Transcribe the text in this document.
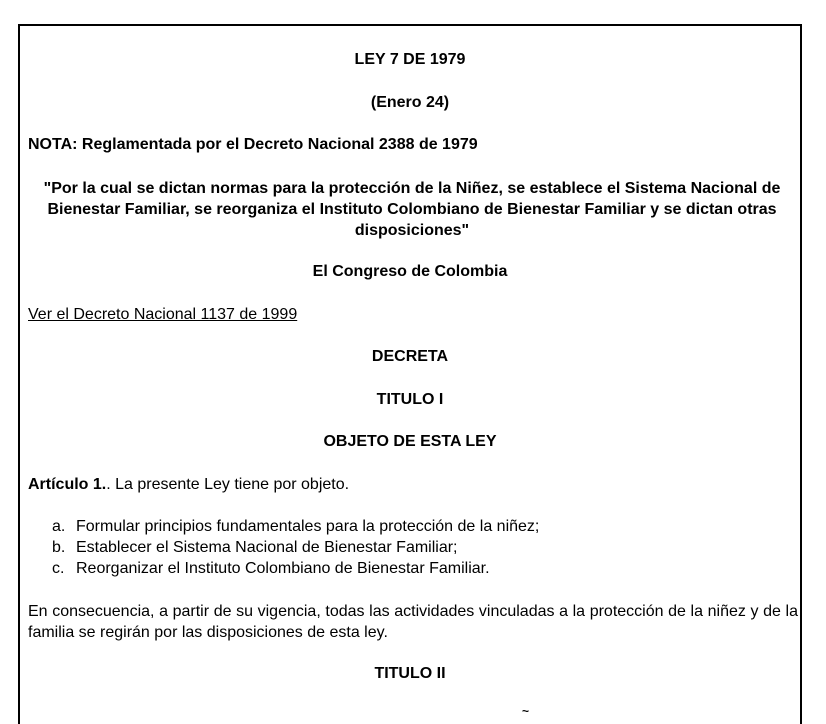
LEY 7 DE 1979
(Enero 24)
NOTA: Reglamentada por el Decreto Nacional 2388 de 1979
"Por la cual se dictan normas para la protección de la Niñez, se establece el Sistema Nacional de Bienestar Familiar, se reorganiza el Instituto Colombiano de Bienestar Familiar y se dictan otras disposiciones"
El Congreso de Colombia
Ver el Decreto Nacional 1137 de 1999
DECRETA
TITULO I
OBJETO DE ESTA LEY
Artículo 1.. La presente Ley tiene por objeto.
a. Formular principios fundamentales para la protección de la niñez;
b. Establecer el Sistema Nacional de Bienestar Familiar;
c. Reorganizar el Instituto Colombiano de Bienestar Familiar.
En consecuencia, a partir de su vigencia, todas las actividades vinculadas a la protección de la niñez y de la familia se regirán por las disposiciones de esta ley.
TITULO II
~
